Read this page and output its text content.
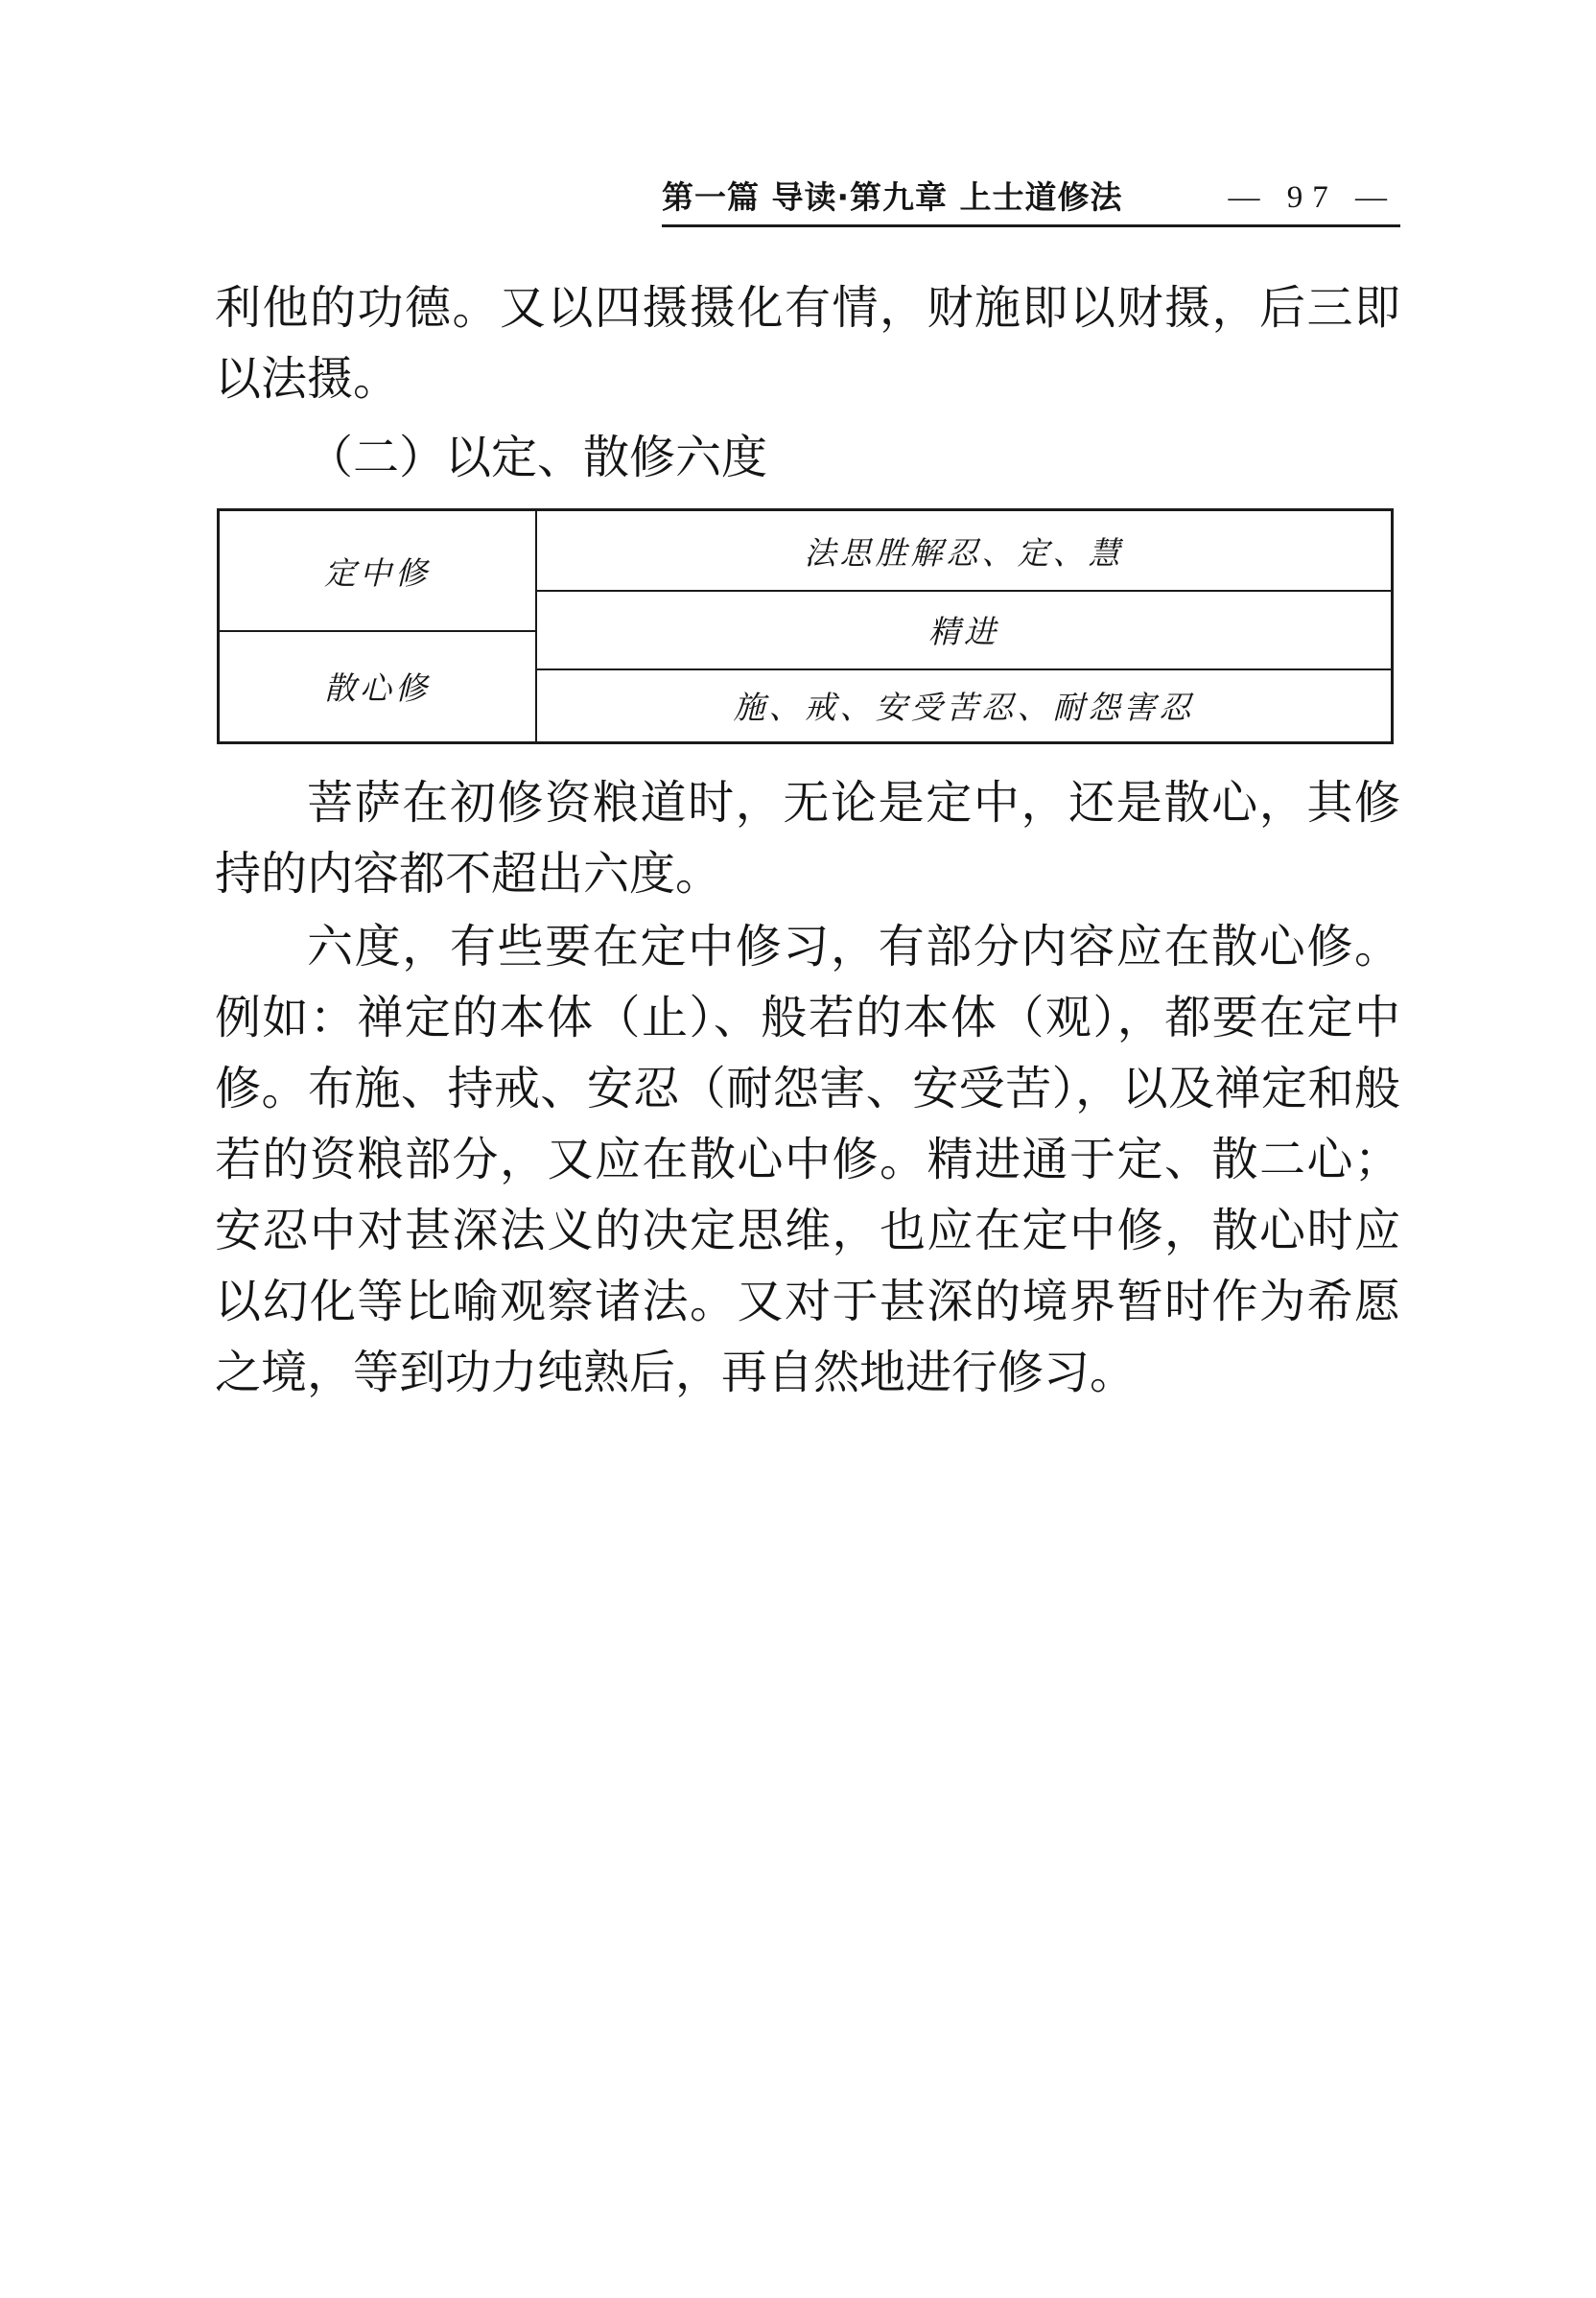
第一篇 导读·第九章 上士道修法	— 97 —

利他的功德。又以四摄摄化有情，财施即以财摄，后三即以法摄。

（二）以定、散修六度
定中修
散心修
法思胜解忍、定、慧
精进
施、戒、安受苦忍、耐怨害忍

菩萨在初修资粮道时，无论是定中，还是散心，其修持的内容都不超出六度。

六度，有些要在定中修习，有部分内容应在散心修。例如：禅定的本体（止）、般若的本体（观），都要在定中修。布施、持戒、安忍（耐怨害、安受苦），以及禅定和般若的资粮部分，又应在散心中修。精进通于定、散二心；安忍中对甚深法义的决定思维，也应在定中修，散心时应以幻化等比喻观察诸法。又对于甚深的境界暂时作为希愿之境，等到功力纯熟后，再自然地进行修习。
